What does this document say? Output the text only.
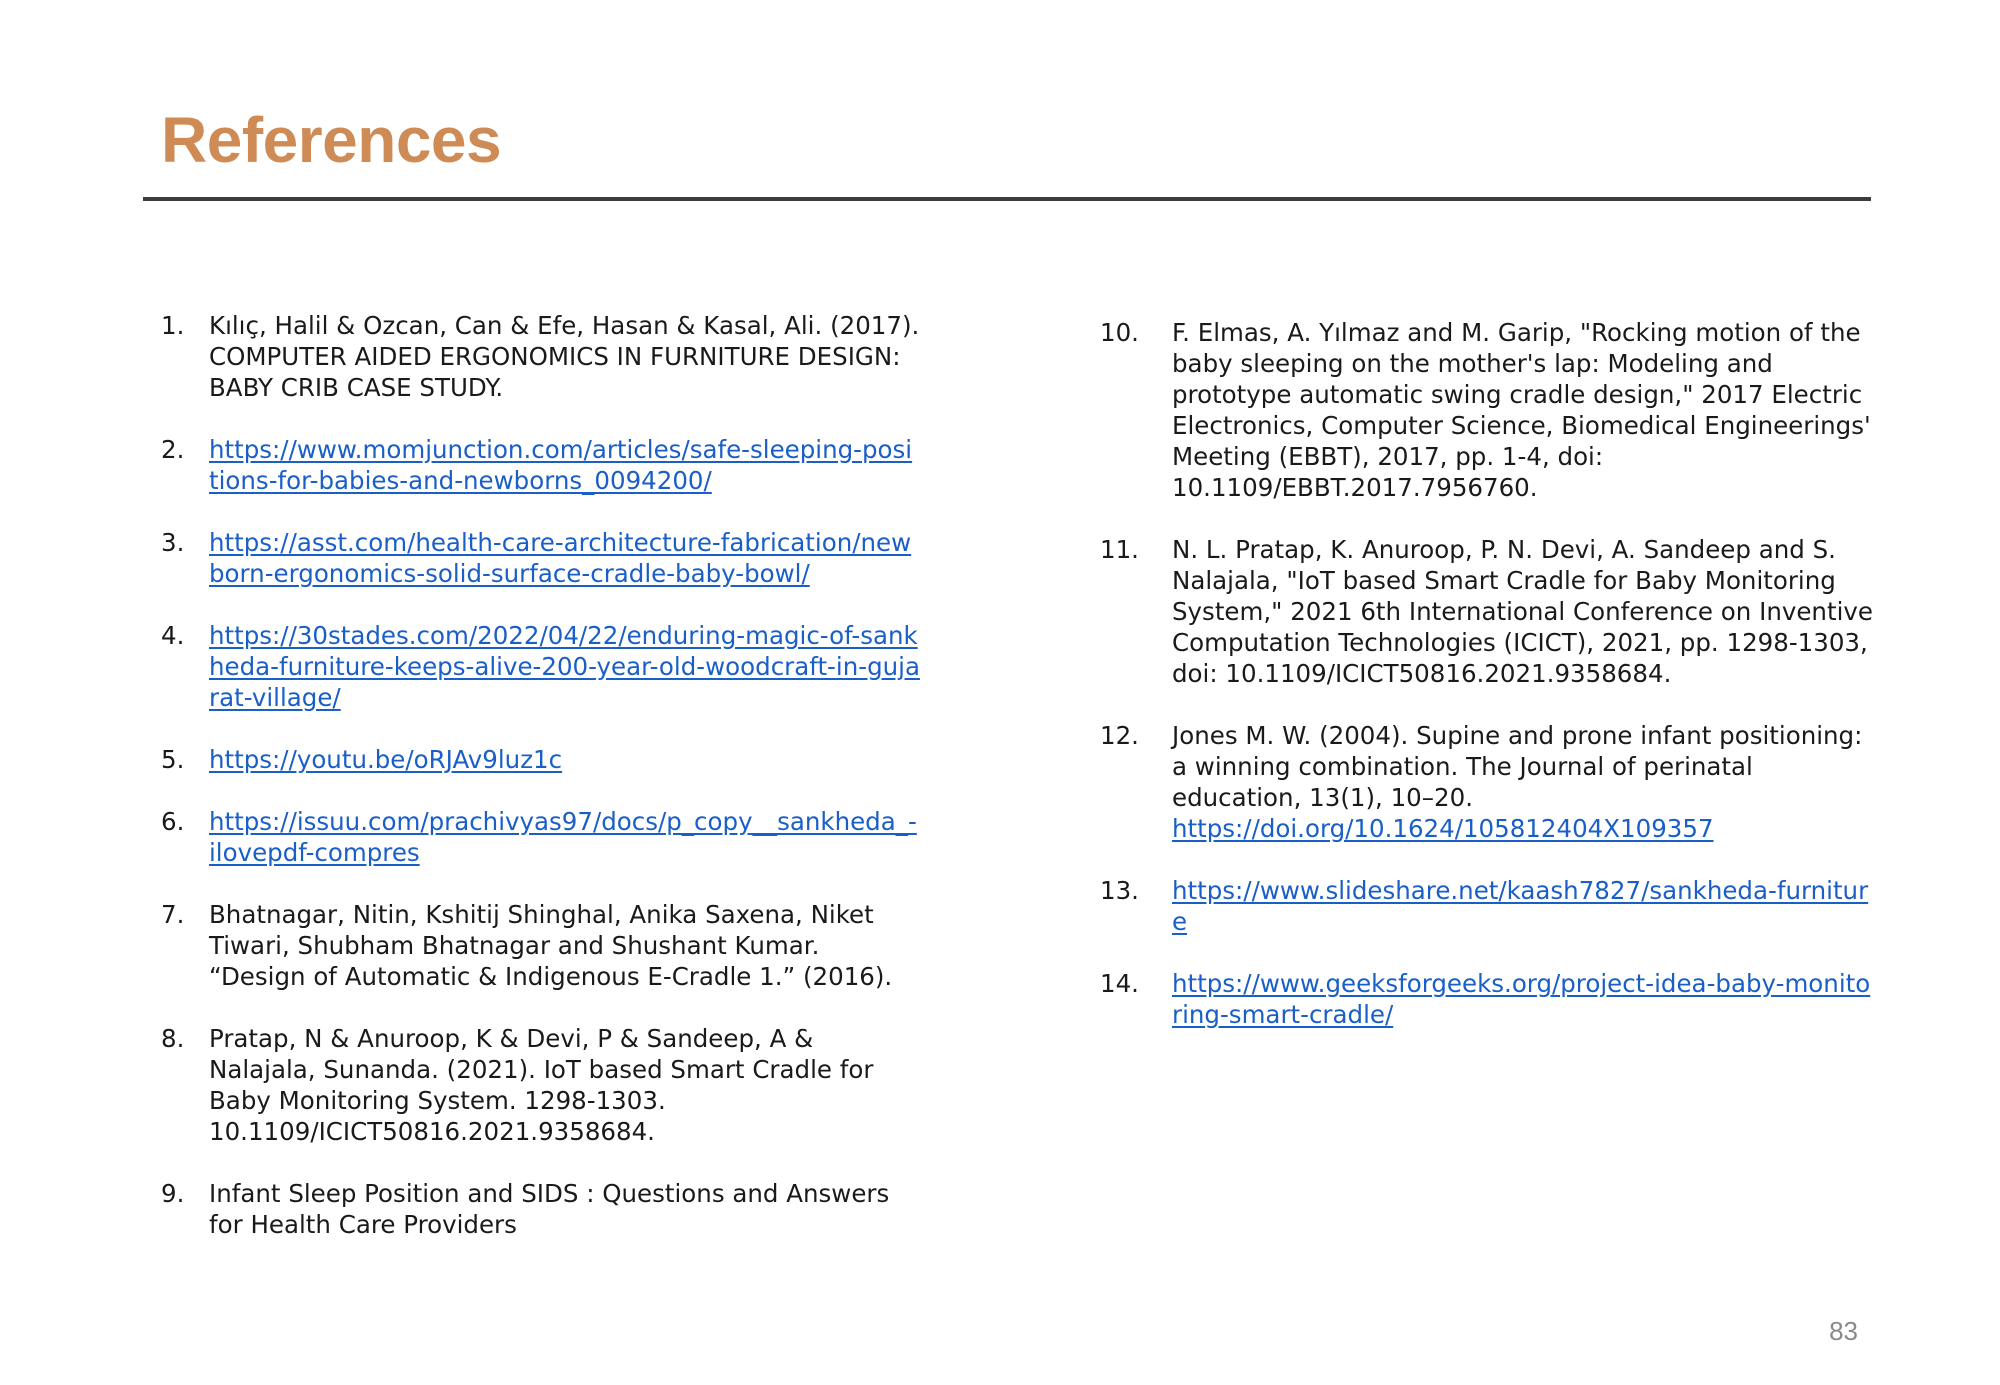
References
1. Kılıç, Halil & Ozcan, Can & Efe, Hasan & Kasal, Ali. (2017). COMPUTER AIDED ERGONOMICS IN FURNITURE DESIGN: BABY CRIB CASE STUDY.
2. https://www.momjunction.com/articles/safe-sleeping-positions-for-babies-and-newborns_0094200/
3. https://asst.com/health-care-architecture-fabrication/newborn-ergonomics-solid-surface-cradle-baby-bowl/
4. https://30stades.com/2022/04/22/enduring-magic-of-sankheda-furniture-keeps-alive-200-year-old-woodcraft-in-gujarat-village/
5. https://youtu.be/oRJAv9luz1c
6. https://issuu.com/prachivyas97/docs/p_copy__sankheda_-ilovepdf-compres
7. Bhatnagar, Nitin, Kshitij Shinghal, Anika Saxena, Niket Tiwari, Shubham Bhatnagar and Shushant Kumar. “Design of Automatic & Indigenous E-Cradle 1.” (2016).
8. Pratap, N & Anuroop, K & Devi, P & Sandeep, A & Nalajala, Sunanda. (2021). IoT based Smart Cradle for Baby Monitoring System. 1298-1303. 10.1109/ICICT50816.2021.9358684.
9. Infant Sleep Position and SIDS : Questions and Answers for Health Care Providers
10. F. Elmas, A. Yılmaz and M. Garip, "Rocking motion of the baby sleeping on the mother's lap: Modeling and prototype automatic swing cradle design," 2017 Electric Electronics, Computer Science, Biomedical Engineerings' Meeting (EBBT), 2017, pp. 1-4, doi: 10.1109/EBBT.2017.7956760.
11. N. L. Pratap, K. Anuroop, P. N. Devi, A. Sandeep and S. Nalajala, "IoT based Smart Cradle for Baby Monitoring System," 2021 6th International Conference on Inventive Computation Technologies (ICICT), 2021, pp. 1298-1303, doi: 10.1109/ICICT50816.2021.9358684.
12. Jones M. W. (2004). Supine and prone infant positioning: a winning combination. The Journal of perinatal education, 13(1), 10–20.
https://doi.org/10.1624/105812404X109357
13. https://www.slideshare.net/kaash7827/sankheda-furniture
14. https://www.geeksforgeeks.org/project-idea-baby-monitoring-smart-cradle/
83
